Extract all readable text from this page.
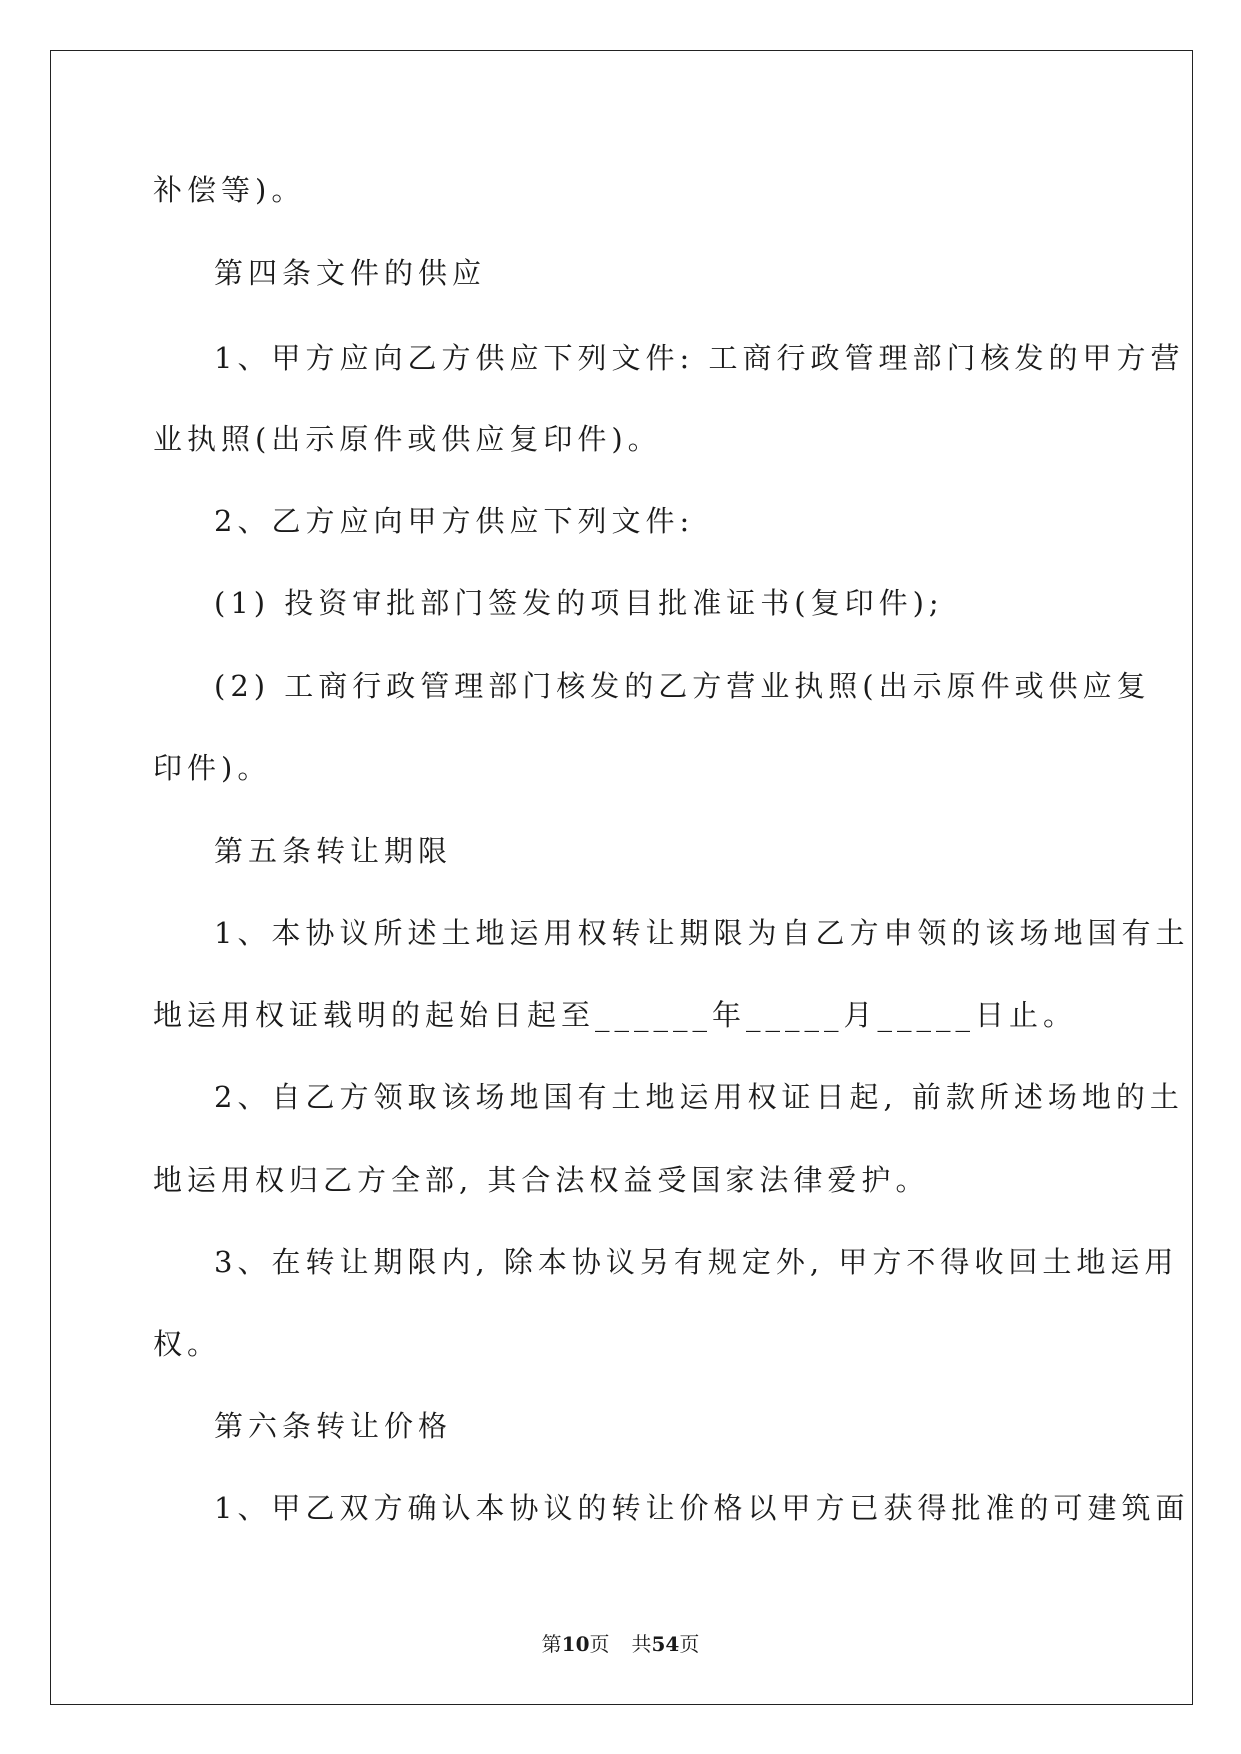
补偿等)。
第四条文件的供应
1、甲方应向乙方供应下列文件: 工商行政管理部门核发的甲方营
业执照(出示原件或供应复印件)。
2、乙方应向甲方供应下列文件:
(1) 投资审批部门签发的项目批准证书(复印件);
(2) 工商行政管理部门核发的乙方营业执照(出示原件或供应复
印件)。
第五条转让期限
1、本协议所述土地运用权转让期限为自乙方申领的该场地国有土
地运用权证载明的起始日起至______年_____月_____日止。
2、自乙方领取该场地国有土地运用权证日起, 前款所述场地的土
地运用权归乙方全部, 其合法权益受国家法律爱护。
3、在转让期限内, 除本协议另有规定外, 甲方不得收回土地运用
权。
第六条转让价格
1、甲乙双方确认本协议的转让价格以甲方已获得批准的可建筑面
第10页 共54页
